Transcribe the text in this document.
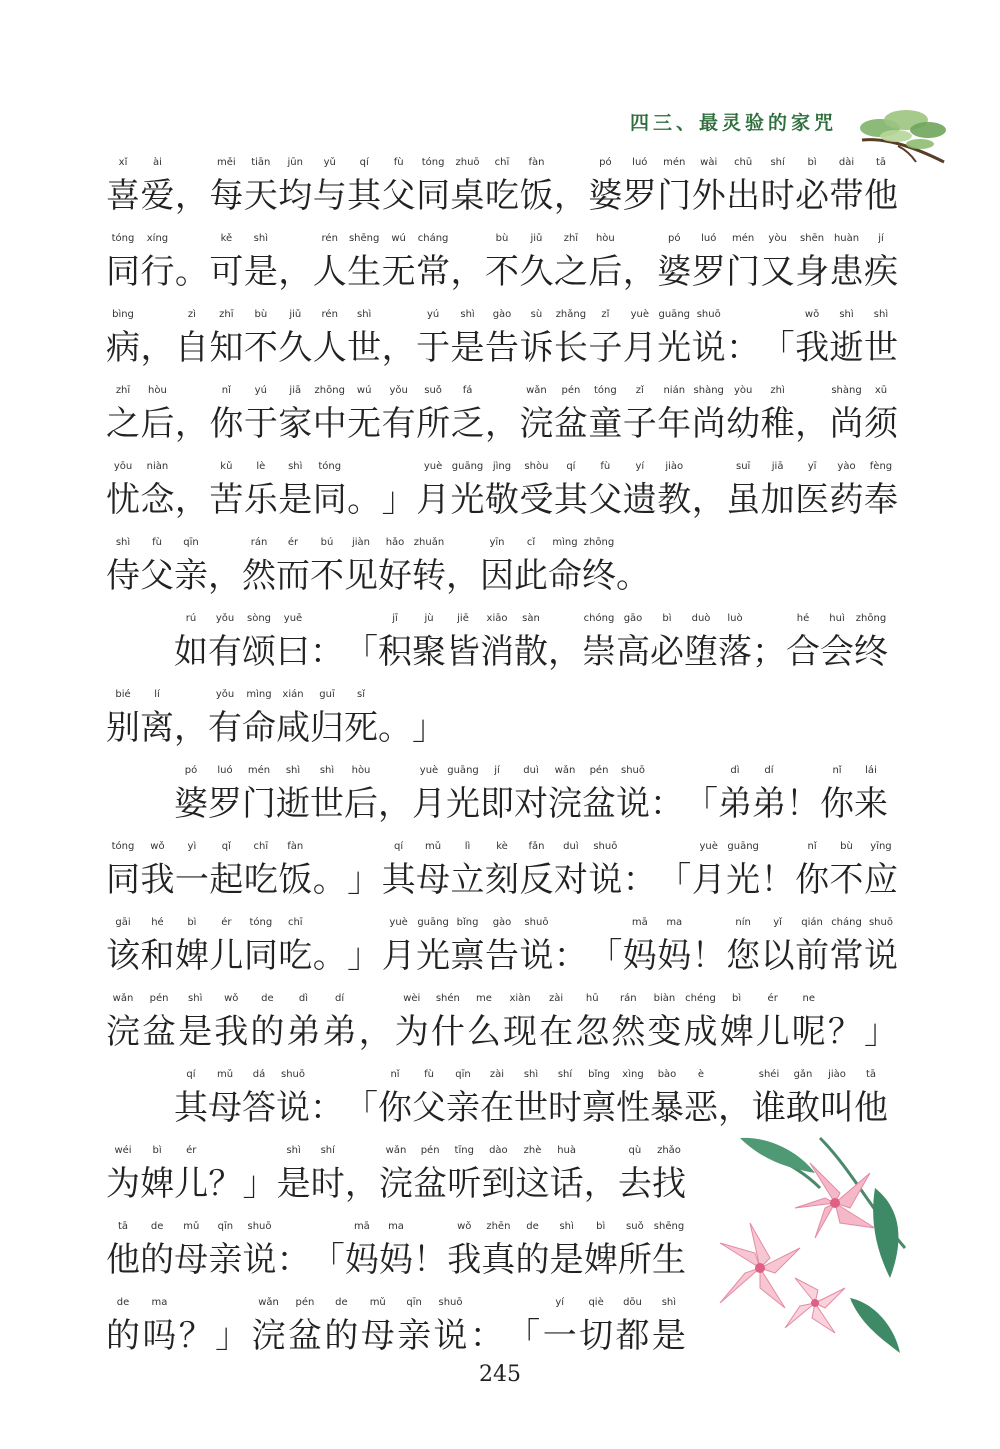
四三、最灵验的家咒
xǐ
喜
ài
爱 ，
měi
每
tiān
天
jūn
均
yǔ
与
qí
其
fù
父
tóng
同
zhuō
桌
chī
吃
fàn
饭 ，
pó
婆
luó
罗
mén
门
wài
外
chū
出
shí
时
bì
必
dài
带
tā
他
tóng
同
xíng
行 。
kě
可
shì
是 ，
rén
人
shēng
生
wú
无
cháng
常 ，
bù
不
jiǔ
久
zhī
之
hòu
后 ，
pó
婆
luó
罗
mén
门
yòu
又
shēn
身
huàn
患
jí
疾
bìng
病 ，
zì
自
zhī
知
bù
不
jiǔ
久
rén
人
shì
世 ，
yú
于
shì
是
gào
告
sù
诉
zhǎng
长
zǐ
子
yuè
月
guāng
光
shuō
说 ： 「
wǒ
我
shì
逝
shì
世
zhī
之
hòu
后 ，
nǐ
你
yú
于
jiā
家
zhōng
中
wú
无
yǒu
有
suǒ
所
fá
乏 ，
wǎn
浣
pén
盆
tóng
童
zǐ
子
nián
年
shàng
尚
yòu
幼
zhì
稚 ，
shàng
尚
xū
须
yōu
忧
niàn
念 ，
kǔ
苦
lè
乐
shì
是
tóng
同 。 」
yuè
月
guāng
光
jìng
敬
shòu
受
qí
其
fù
父
yí
遗
jiào
教 ，
suī
虽
jiā
加
yī
医
yào
药
fèng
奉
shì
侍
fù
父
qīn
亲 ，
rán
然
ér
而
bú
不
jiàn
见
hǎo
好
zhuǎn
转 ，
yīn
因
cǐ
此
mìng
命
zhōng
终 。
rú
如
yǒu
有
sòng
颂
yuē
曰 ： 「
jī
积
jù
聚
jiē
皆
xiāo
消
sàn
散 ，
chóng
崇
gāo
高
bì
必
duò
堕
luò
落 ；
hé
合
huì
会
zhōng
终
bié
别
lí
离 ，
yǒu
有
mìng
命
xián
咸
guī
归
sǐ
死 。 」
pó
婆
luó
罗
mén
门
shì
逝
shì
世
hòu
后 ，
yuè
月
guāng
光
jí
即
duì
对
wǎn
浣
pén
盆
shuō
说 ： 「
dì
弟
dí
弟 ！
nǐ
你
lái
来
tóng
同
wǒ
我
yì
一
qǐ
起
chī
吃
fàn
饭 。 」
qí
其
mǔ
母
lì
立
kè
刻
fǎn
反
duì
对
shuō
说 ： 「
yuè
月
guāng
光 ！
nǐ
你
bù
不
yīng
应
gāi
该
hé
和
bì
婢
ér
儿
tóng
同
chī
吃 。 」
yuè
月
guāng
光
bǐng
禀
gào
告
shuō
说 ： 「
mā
妈
ma
妈 ！
nín
您
yǐ
以
qián
前
cháng
常
shuō
说
wǎn
浣
pén
盆
shì
是
wǒ
我
de
的
dì
弟
dí
弟 ，
wèi
为
shén
什
me
么
xiàn
现
zài
在
hū
忽
rán
然
biàn
变
chéng
成
bì
婢
ér
儿
ne
呢 ？ 」
qí
其
mǔ
母
dá
答
shuō
说 ： 「
nǐ
你
fù
父
qīn
亲
zài
在
shì
世
shí
时
bǐng
禀
xìng
性
bào
暴
è
恶 ，
shéi
谁
gǎn
敢
jiào
叫
tā
他
wéi
为
bì
婢
ér
儿 ？ 」
shì
是
shí
时 ，
wǎn
浣
pén
盆
tīng
听
dào
到
zhè
这
huà
话 ，
qù
去
zhǎo
找
tā
他
de
的
mǔ
母
qīn
亲
shuō
说 ： 「
mā
妈
ma
妈 ！
wǒ
我
zhēn
真
de
的
shì
是
bì
婢
suǒ
所
shēng
生
de
的
ma
吗 ？ 」
wǎn
浣
pén
盆
de
的
mǔ
母
qīn
亲
shuō
说 ： 「
yí
一
qiè
切
dōu
都
shì
是
245
